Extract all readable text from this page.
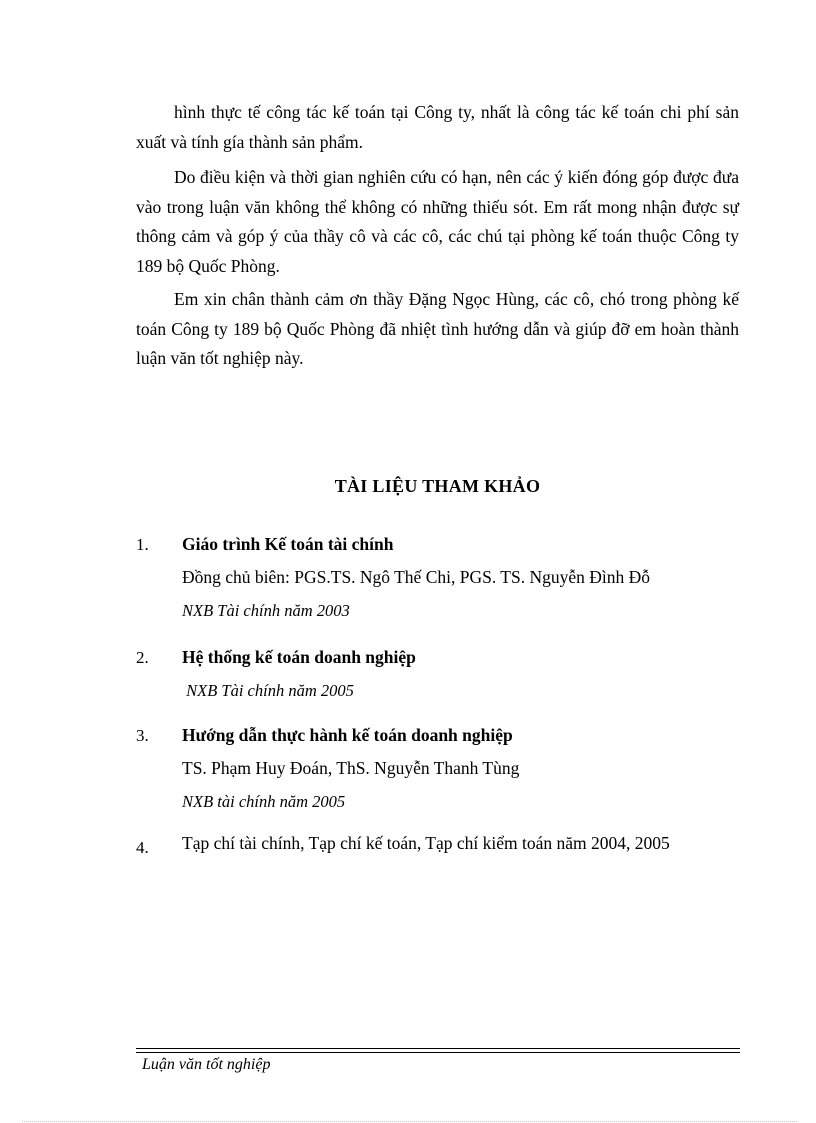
hình thực tế công tác kế toán tại Công ty, nhất là công tác kế toán chi phí sản xuất và tính gía thành sản phẩm.

Do điều kiện và thời gian nghiên cứu có hạn, nên các ý kiến đóng góp được đưa vào trong luận văn không thể không có những thiếu sót. Em rất mong nhận được sự thông cảm và góp ý của thầy cô và các cô, các chú tại phòng kế toán thuộc Công ty 189 bộ Quốc Phòng.

Em xin chân thành cảm ơn thầy Đặng Ngọc Hùng, các cô, chó trong phòng kế toán Công ty 189 bộ Quốc Phòng đã nhiệt tình hướng dẫn và giúp đỡ em hoàn thành luận văn tốt nghiệp này.

TÀI LIỆU THAM KHẢO
1. Giáo trình Kế toán tài chính
Đồng chủ biên: PGS.TS. Ngô Thế Chi, PGS. TS. Nguyễn Đình Đỗ
NXB Tài chính năm 2003
2. Hệ thống kế toán doanh nghiệp
NXB Tài chính năm 2005
3. Hướng dẫn thực hành kế toán doanh nghiệp
TS. Phạm Huy Đoán, ThS. Nguyễn Thanh Tùng
NXB tài chính năm 2005
4. Tạp chí tài chính, Tạp chí kế toán, Tạp chí kiểm toán năm 2004, 2005
Luận văn tốt nghiệp
